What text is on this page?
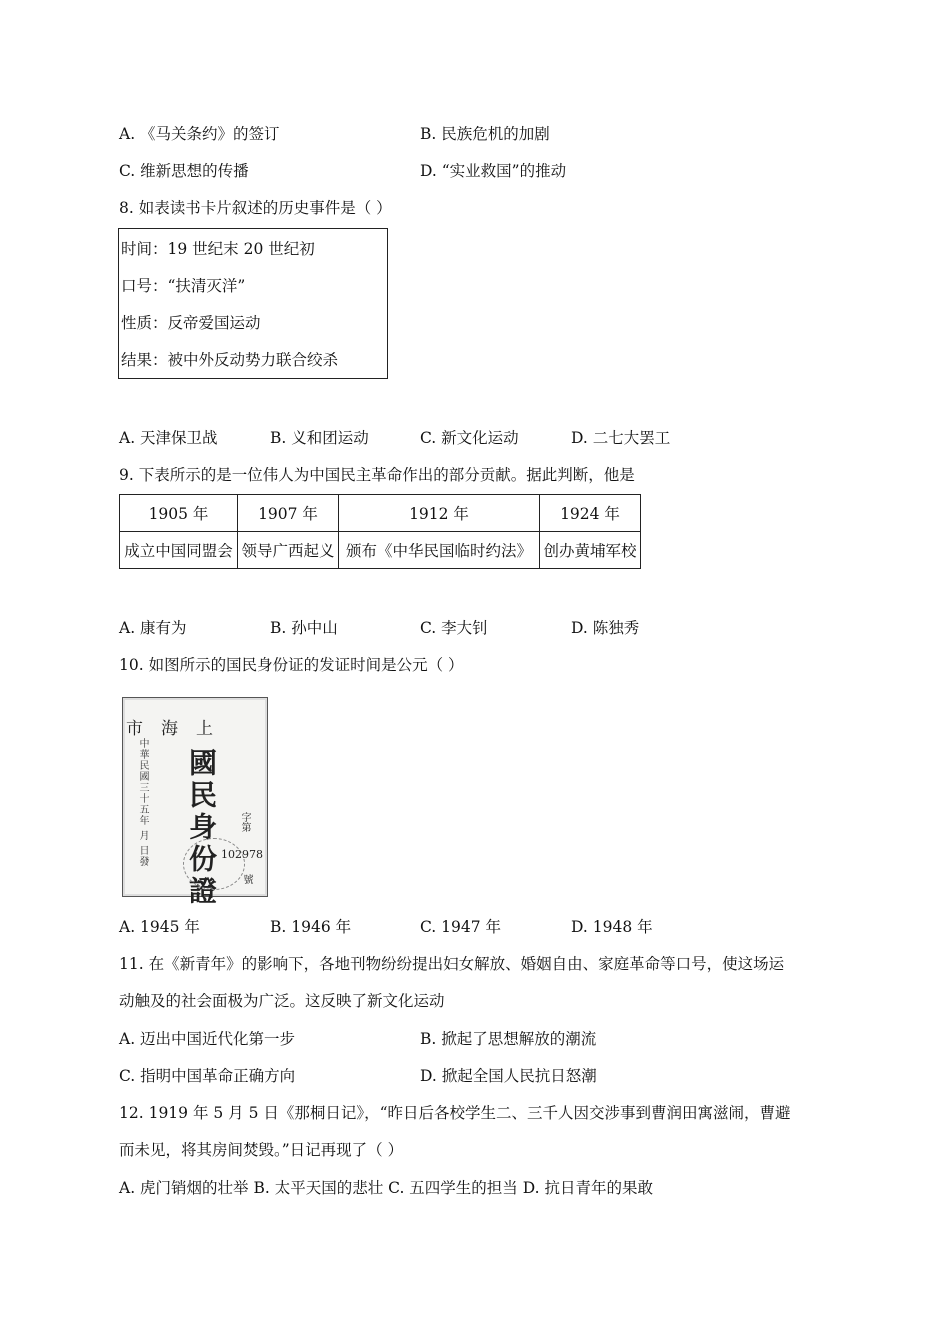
A. 《马关条约》的签订	B. 民族危机的加剧
C. 维新思想的传播	D. “实业救国”的推动
8. 如表读书卡片叙述的历史事件是（ ）
时间：19 世纪末 20 世纪初
口号：“扶清灭洋”
性质：反帝爱国运动
结果：被中外反动势力联合绞杀
A. 天津保卫战	B. 义和团运动	C. 新文化运动	D. 二七大罢工
9. 下表所示的是一位伟人为中国民主革命作出的部分贡献。据此判断，他是
1905 年	1907 年	1912 年	1924 年
成立中国同盟会	领导广西起义	颁布《中华民国临时约法》	创办黄埔军校
A. 康有为	B. 孙中山	C. 李大钊	D. 陈独秀
10. 如图所示的国民身份证的发证时间是公元（ ）
市海上
中華民國三十五年 月 日發 國民身份證	字第
102978
號
A. 1945 年	B. 1946 年	C. 1947 年	D. 1948 年
11. 在《新青年》的影响下，各地刊物纷纷提出妇女解放、婚姻自由、家庭革命等口号，使这场运
动触及的社会面极为广泛。这反映了新文化运动
A. 迈出中国近代化第一步	B. 掀起了思想解放的潮流
C. 指明中国革命正确方向	D. 掀起全国人民抗日怒潮
12. 1919 年 5 月 5 日《那桐日记》，“昨日后各校学生二、三千人因交涉事到曹润田寓滋闹，曹避
而未见，将其房间焚毁。”日记再现了（ ）
A. 虎门销烟的壮举 B. 太平天国的悲壮 C. 五四学生的担当 D. 抗日青年的果敢
